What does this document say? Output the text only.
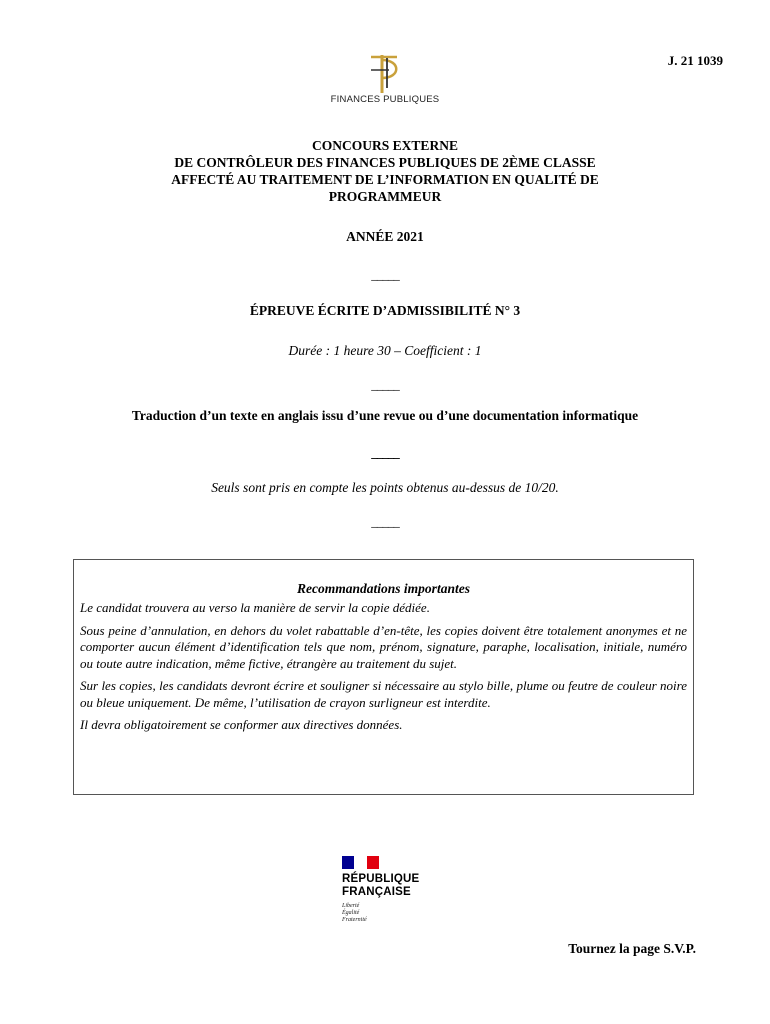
J. 21 1039
FINANCES PUBLIQUES
CONCOURS EXTERNE
DE CONTRÔLEUR DES FINANCES PUBLIQUES DE 2ÈME CLASSE
AFFECTÉ AU TRAITEMENT DE L’INFORMATION EN QUALITÉ DE
PROGRAMMEUR
ANNÉE 2021
_____
ÉPREUVE ÉCRITE D’ADMISSIBILITÉ N° 3
Durée : 1 heure 30 – Coefficient : 1
_____
Traduction d’un texte en anglais issu d’une revue ou d’une documentation informatique
_____
Seuls sont pris en compte les points obtenus au-dessus de 10/20.
_____
Recommandations importantes

Le candidat trouvera au verso la manière de servir la copie dédiée.

Sous peine d’annulation, en dehors du volet rabattable d’en-tête, les copies doivent être totalement anonymes et ne comporter aucun élément d’identification tels que nom, prénom, signature, paraphe, localisation, initiale, numéro ou toute autre indication, même fictive, étrangère au traitement du sujet.

Sur les copies, les candidats devront écrire et souligner si nécessaire au stylo bille, plume ou feutre de couleur noire ou bleue uniquement. De même, l’utilisation de crayon surligneur est interdite.

Il devra obligatoirement se conformer aux directives données.

RÉPUBLIQUE
FRANÇAISE
Liberté
Égalité
Fraternité
Tournez la page S.V.P.
